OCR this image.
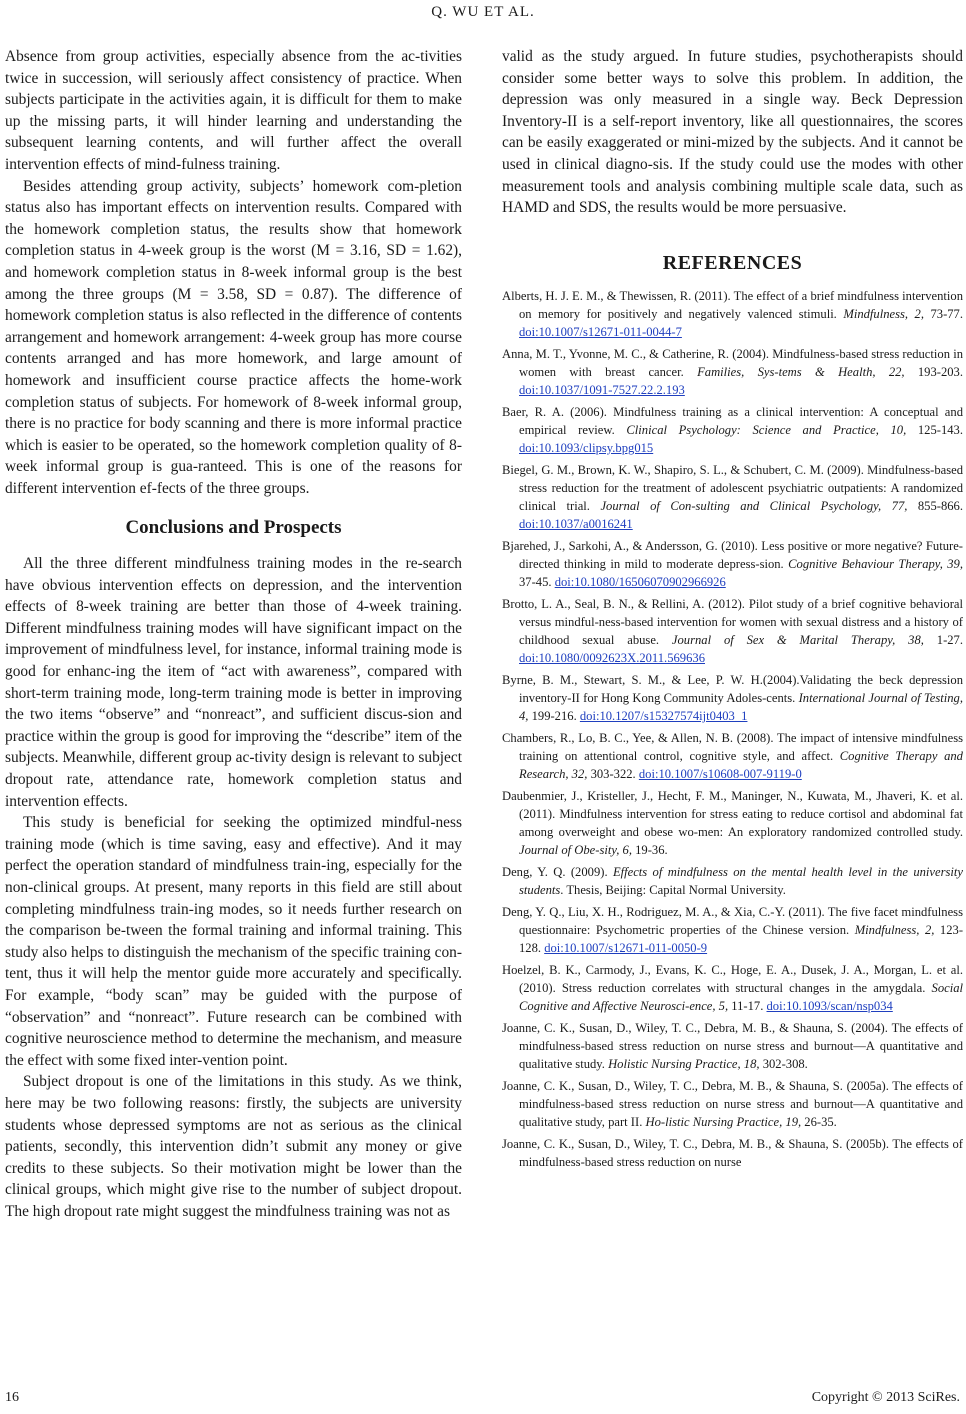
Q. WU ET AL.

Absence from group activities, especially absence from the ac-tivities twice in succession, will seriously affect consistency of practice. When subjects participate in the activities again, it is difficult for them to make up the missing parts, it will hinder learning and understanding the subsequent learning contents, and will further affect the overall intervention effects of mind-fulness training.

Besides attending group activity, subjects’ homework com-pletion status also has important effects on intervention results. Compared with the homework completion status, the results show that homework completion status in 4-week group is the worst (M = 3.16, SD = 1.62), and homework completion status in 8-week informal group is the best among the three groups (M = 3.58, SD = 0.87). The difference of homework completion status is also reflected in the difference of contents arrangement and homework arrangement: 4-week group has more course contents arranged and has more homework, and large amount of homework and insufficient course practice affects the home-work completion status of subjects. For homework of 8-week informal group, there is no practice for body scanning and there is more informal practice which is easier to be operated, so the homework completion quality of 8-week informal group is gua-ranteed. This is one of the reasons for different intervention ef-fects of the three groups.

Conclusions and Prospects

All the three different mindfulness training modes in the re-search have obvious intervention effects on depression, and the intervention effects of 8-week training are better than those of 4-week training. Different mindfulness training modes will have significant impact on the improvement of mindfulness level, for instance, informal training mode is good for enhanc-ing the item of “act with awareness”, compared with short-term training mode, long-term training mode is better in improving the two items “observe” and “nonreact”, and sufficient discus-sion and practice within the group is good for improving the “describe” item of the subjects. Meanwhile, different group ac-tivity design is relevant to subject dropout rate, attendance rate, homework completion status and intervention effects.

This study is beneficial for seeking the optimized mindful-ness training mode (which is time saving, easy and effective). And it may perfect the operation standard of mindfulness train-ing, especially for the non-clinical groups. At present, many reports in this field are still about completing mindfulness train-ing modes, so it needs further research on the comparison be-tween the formal training and informal training. This study also helps to distinguish the mechanism of the specific training con-tent, thus it will help the mentor guide more accurately and specifically. For example, “body scan” may be guided with the purpose of “observation” and “nonreact”. Future research can be combined with cognitive neuroscience method to determine the mechanism, and measure the effect with some fixed inter-vention point.

Subject dropout is one of the limitations in this study. As we think, here may be two following reasons: firstly, the subjects are university students whose depressed symptoms are not as serious as the clinical patients, secondly, this intervention didn’t submit any money or give credits to these subjects. So their motivation might be lower than the clinical groups, which might give rise to the number of subject dropout. The high dropout rate might suggest the mindfulness training was not as

valid as the study argued. In future studies, psychotherapists should consider some better ways to solve this problem. In addition, the depression was only measured in a single way. Beck Depression Inventory-II is a self-report inventory, like all questionnaires, the scores can be easily exaggerated or mini-mized by the subjects. And it cannot be used in clinical diagno-sis. If the study could use the modes with other measurement tools and analysis combining multiple scale data, such as HAMD and SDS, the results would be more persuasive.

REFERENCES
Alberts, H. J. E. M., & Thewissen, R. (2011). The effect of a brief mindfulness intervention on memory for positively and negatively valenced stimuli. Mindfulness, 2, 73-77. doi:10.1007/s12671-011-0044-7
Anna, M. T., Yvonne, M. C., & Catherine, R. (2004). Mindfulness-based stress reduction in women with breast cancer. Families, Sys-tems & Health, 22, 193-203. doi:10.1037/1091-7527.22.2.193
Baer, R. A. (2006). Mindfulness training as a clinical intervention: A conceptual and empirical review. Clinical Psychology: Science and Practice, 10, 125-143. doi:10.1093/clipsy.bpg015
Biegel, G. M., Brown, K. W., Shapiro, S. L., & Schubert, C. M. (2009). Mindfulness-based stress reduction for the treatment of adolescent psychiatric outpatients: A randomized clinical trial. Journal of Con-sulting and Clinical Psychology, 77, 855-866. doi:10.1037/a0016241
Bjarehed, J., Sarkohi, A., & Andersson, G. (2010). Less positive or more negative? Future-directed thinking in mild to moderate depress-sion. Cognitive Behaviour Therapy, 39, 37-45. doi:10.1080/16506070902966926
Brotto, L. A., Seal, B. N., & Rellini, A. (2012). Pilot study of a brief cognitive behavioral versus mindful-ness-based intervention for women with sexual distress and a history of childhood sexual abuse. Journal of Sex & Marital Therapy, 38, 1-27. doi:10.1080/0092623X.2011.569636
Byrne, B. M., Stewart, S. M., & Lee, P. W. H.(2004).Validating the beck depression inventory-II for Hong Kong Community Adoles-cents. International Journal of Testing, 4, 199-216. doi:10.1207/s15327574ijt0403_1
Chambers, R., Lo, B. C., Yee, & Allen, N. B. (2008). The impact of intensive mindfulness training on attentional control, cognitive style, and affect. Cognitive Therapy and Research, 32, 303-322. doi:10.1007/s10608-007-9119-0
Daubenmier, J., Kristeller, J., Hecht, F. M., Maninger, N., Kuwata, M., Jhaveri, K. et al. (2011). Mindfulness intervention for stress eating to reduce cortisol and abdominal fat among overweight and obese wo-men: An exploratory randomized controlled study. Journal of Obe-sity, 6, 19-36.
Deng, Y. Q. (2009). Effects of mindfulness on the mental health level in the university students. Thesis, Beijing: Capital Normal University.
Deng, Y. Q., Liu, X. H., Rodriguez, M. A., & Xia, C.-Y. (2011). The five facet mindfulness questionnaire: Psychometric properties of the Chinese version. Mindfulness, 2, 123-128. doi:10.1007/s12671-011-0050-9
Hoelzel, B. K., Carmody, J., Evans, K. C., Hoge, E. A., Dusek, J. A., Morgan, L. et al. (2010). Stress reduction correlates with structural changes in the amygdala. Social Cognitive and Affective Neurosci-ence, 5, 11-17. doi:10.1093/scan/nsp034
Joanne, C. K., Susan, D., Wiley, T. C., Debra, M. B., & Shauna, S. (2004). The effects of mindfulness-based stress reduction on nurse stress and burnout—A quantitative and qualitative study. Holistic Nursing Practice, 18, 302-308.
Joanne, C. K., Susan, D., Wiley, T. C., Debra, M. B., & Shauna, S. (2005a). The effects of mindfulness-based stress reduction on nurse stress and burnout—A quantitative and qualitative study, part II. Ho-listic Nursing Practice, 19, 26-35.
Joanne, C. K., Susan, D., Wiley, T. C., Debra, M. B., & Shauna, S. (2005b). The effects of mindfulness-based stress reduction on nurse
16	Copyright © 2013 SciRes.
